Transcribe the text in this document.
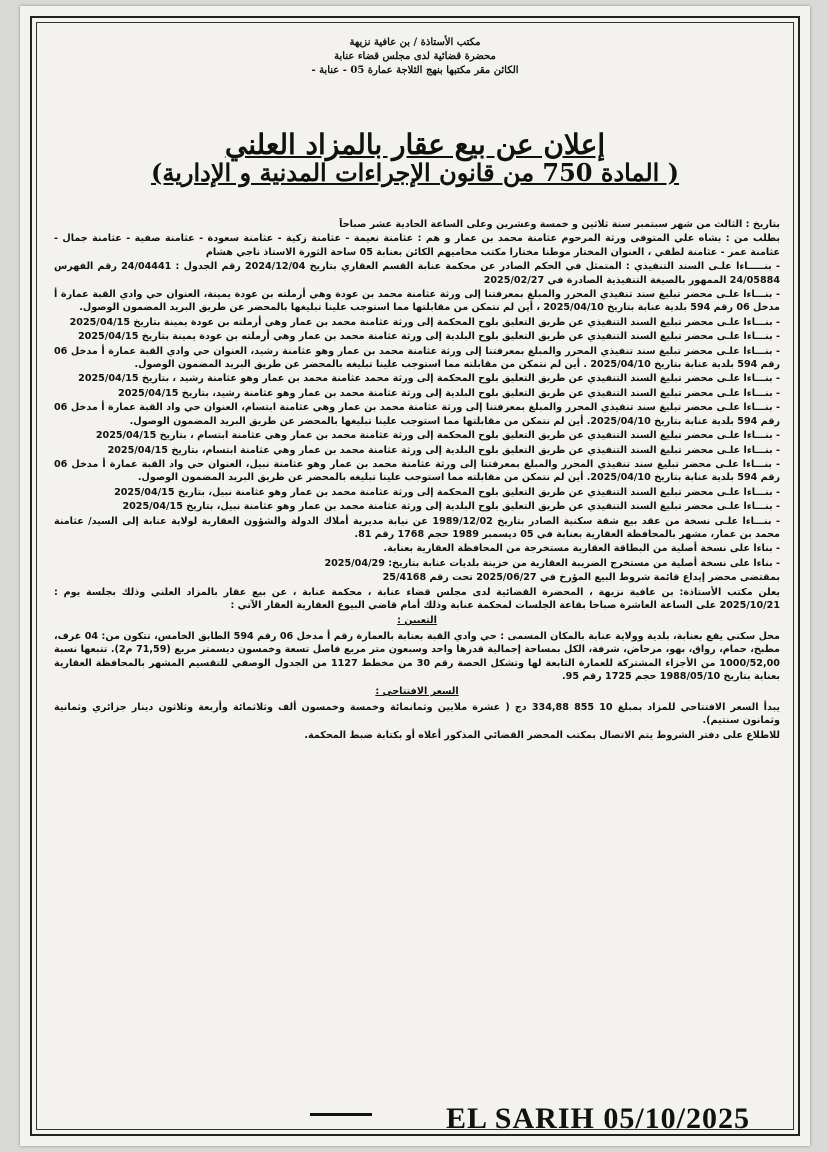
مكتب الأستاذة / بن عافية نزيهة
محضرة قضائية لدى مجلس قضاء عنابة
الكائن مقر مكتبها بنهج الثلاجة عمارة 05 - عنابة -
إعلان عن بيع عقار بالمزاد العلني
( المادة 750 من قانون الإجراءات المدنية و الإدارية)

بتاريخ : الثالث من شهر سبتمبر سنة ثلاثين و خمسة وعشرين وعلى الساعة الحادية عشر صباحاً

بطلب من : بشاه علي المتوفى ورثة المرحوم عثامنة محمد بن عمار و هم : عثامنة نعيمة - عثامنة زكية - عثامنة سعودة - عثامنة صفية - عثامنة جمال - عثامنة عمر - عثامنة لطفي ، العنوان المختار موطنا مختارا مكتب محاميهم الكائن بعنابة 05 ساحة الثورة الاستاذ ناجي هشام

- بنـــــاءا علـى السند التنفيذي : المتمثل في الحكم الصادر عن محكمة عنابة القسم العقاري بتاريخ 2024/12/04 رقم الجدول : 24/04441 رقم الفهرس 24/05884 الممهور بالصيغة التنفيذية الصادرة في 2025/02/27

- بنـــاءا علـى محضر تبليغ سند تنفيذي المحرر والمبلغ بمعرفتنا إلى ورثة عثامنة محمد بن عودة وهي أرملته بن عودة يمينة، العنوان حي وادي القبة عمارة أ مدخل 06 رقم 594 بلدية عنابة بتاريخ 2025/04/10 ، أين لم نتمكن من مقابلتها مما استوجب علينا تبليغها بالمحضر عن طريق البريد المضمون الوصول.

- بنـــاءا علـى محضر تبليغ السند التنفيذي عن طريق التعليق بلوح المحكمة إلى ورثة عثامنة محمد بن عمار وهي أرملته بن عودة يمينة بتاريخ 2025/04/15

- بنـــاءا علـى محضر تبليغ السند التنفيذي عن طريق التعليق بلوح البلدية إلى ورثة عثامنة محمد بن عمار وهي أرملته بن عودة يمينة بتاريخ 2025/04/15

- بنـــاءا علـى محضر تبليغ سند تنفيذي المحرر والمبلغ بمعرفتنا إلى ورثة عثامنة محمد بن عمار وهو عثامنة رشيد، العنوان حي وادي القبة عمارة أ مدخل 06 رقم 594 بلدية عنابة بتاريخ 2025/04/10 . أين لم نتمكن من مقابلته مما استوجب علينا تبليغه بالمحضر عن طريق البريد المضمون الوصول.

- بنـــاءا علـى محضر تبليغ السند التنفيذي عن طريق التعليق بلوح المحكمة إلى ورثة محمد عثامنة محمد بن عمار وهو عثامنة رشيد ، بتاريخ 2025/04/15

- بنـــاءا علـى محضر تبليغ السند التنفيذي عن طريق التعليق بلوح البلدية إلى ورثة عثامنة محمد بن عمار وهو عثامنة رشيد، بتاريخ 2025/04/15

- بنـــاءا علـى محضر تبليغ سند تنفيذي المحرر والمبلغ بمعرفتنا إلى ورثة عثامنة محمد بن عمار وهي عثامنة ابتسام، العنوان حي واد القبة عمارة أ مدخل 06 رقم 594 بلدية عنابة بتاريخ 2025/04/10. أين لم نتمكن من مقابلتها مما استوجب علينا تبليغها بالمحضر عن طريق البريد المضمون الوصول.

- بنـــاءا علـى محضر تبليغ السند التنفيذي عن طريق التعليق بلوح المحكمة إلى ورثة عثامنة محمد بن عمار وهي عثامنة ابتسام ، بتاريخ 2025/04/15

- بنـــاءا علـى محضر تبليغ السند التنفيذي عن طريق التعليق بلوح البلدية إلى ورثة عثامنة محمد بن عمار وهي عثامنة ابتسام، بتاريخ 2025/04/15

- بنـــاءا علـى محضر تبليغ سند تنفيذي المحرر والمبلغ بمعرفتنا إلى ورثة عثامنة محمد بن عمار وهو عثامنة نبيل، العنوان حي واد القبة عمارة أ مدخل 06 رقم 594 بلدية عنابة بتاريخ 2025/04/10. أين لم نتمكن من مقابلته مما استوجب علينا تبليغه بالمحضر عن طريق البريد المضمون الوصول.

- بنـــاءا علـى محضر تبليغ السند التنفيذي عن طريق التعليق بلوح المحكمة إلى ورثة عثامنة محمد بن عمار وهو عثامنة نبيل، بتاريخ 2025/04/15

- بنـــاءا علـى محضر تبليغ السند التنفيذي عن طريق التعليق بلوح البلدية إلى ورثة عثامنة محمد بن عمار وهو عثامنة نبيل، بتاريخ 2025/04/15

- بنـــاءا علـى نسخة من عقد بيع شقة سكنية الصادر بتاريخ 1989/12/02 عن نيابة مديرية أملاك الدولة والشؤون العقارية لولاية عنابة إلى السيد/ عثامنة محمد بن عمار، مشهر بالمحافظة العقارية بعنابة في 05 ديسمبر 1989 حجم 1768 رقم 81.

- بناءا على نسخة أصلية من البطاقة العقارية مستخرجة من المحافظة العقارية بعنابة.

- بناءا على نسخة أصلية من مستخرج الضريبة العقارية من خزينة بلديات عنابة بتاريخ: 2025/04/29

بمقتضى محضر إيداع قائمة شروط البيع المؤرخ في 2025/06/27 تحت رقم 25/4168

يعلن مكتب الأستاذة: بن عافية نزيهة ، المحضرة القضائية لدى مجلس قضاء عنابة ، محكمة عنابة ، عن بيع عقار بالمزاد العلني وذلك بجلسة يوم : 2025/10/21 على الساعة العاشرة صباحا بقاعة الجلسات لمحكمة عنابة وذلك أمام قاضي البيوع العقارية العقار الآتي :

التعيين :

محل سكني يقع بعنابة، بلدية وولاية عنابة بالمكان المسمى : حي وادي القبة بعنابة بالعمارة رقم أ مدخل 06 رقم 594 الطابق الخامس، تتكون من: 04 غرف، مطبخ، حمام، رواق، بهو، مرحاض، شرفة، الكل بمساحة إجمالية قدرها واحد وسبعون متر مربع فاصل تسعة وخمسون ديسمتر مربع (71,59 م2). تتبعها نسبة 1000/52,00 من الأجزاء المشتركة للعمارة التابعة لها وتشكل الحصة رقم 30 من مخطط 1127 من الجدول الوصفي للتقسيم المشهر بالمحافظة العقارية بعنابة بتاريخ 1988/05/10 حجم 1725 رقم 95.

السعر الافتتاحي :

يبدأ السعر الافتتاحي للمزاد بمبلغ 10 855 334,88 دج ( عشرة ملايين وثمانمائة وخمسة وخمسون ألف وثلاثمائة وأربعة وثلاثون دينار جزائري وثمانية وثمانون سنتيم).

للاطلاع على دفتر الشروط يتم الاتصال بمكتب المحضر القضائي المذكور أعلاه أو بكتابة ضبط المحكمة.

EL SARIH 05/10/2025
